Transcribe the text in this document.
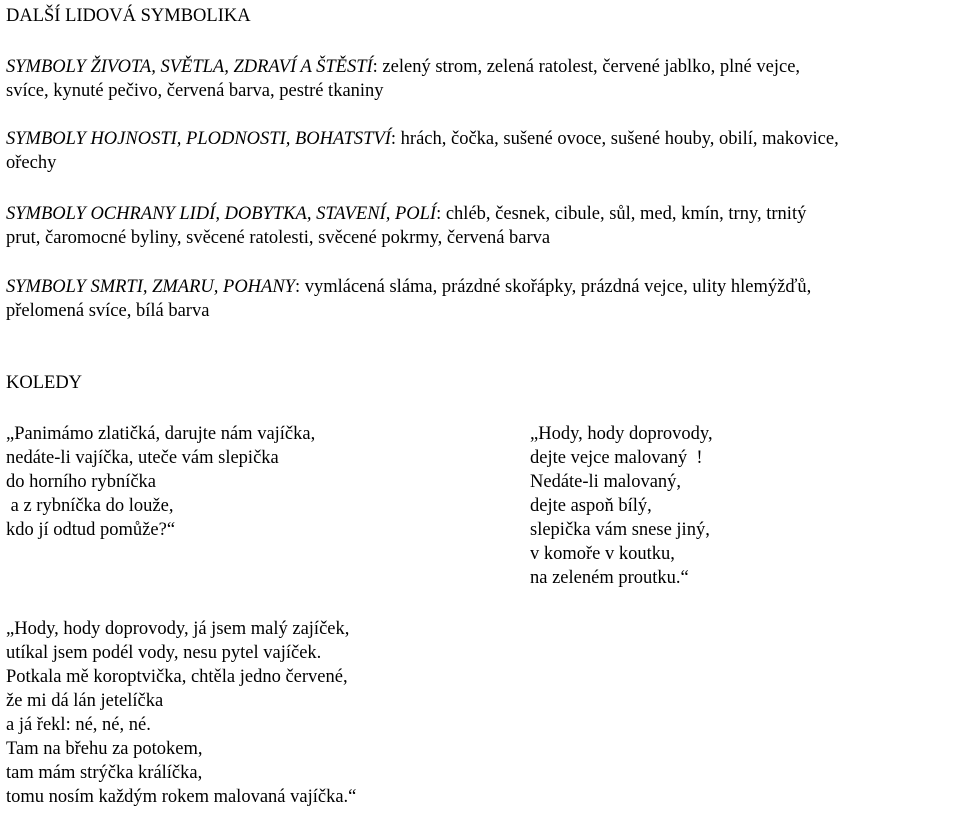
DALŠÍ LIDOVÁ SYMBOLIKA
SYMBOLY ŽIVOTA, SVĚTLA, ZDRAVÍ A ŠTĚSTÍ: zelený strom, zelená ratolest, červené jablko, plné vejce,
svíce, kynuté pečivo, červená barva, pestré tkaniny
SYMBOLY HOJNOSTI, PLODNOSTI, BOHATSTVÍ: hrách, čočka, sušené ovoce, sušené houby, obilí, makovice,
ořechy
SYMBOLY OCHRANY LIDÍ, DOBYTKA, STAVENÍ, POLÍ: chléb, česnek, cibule, sůl, med, kmín, trny, trnitý
prut, čaromocné byliny, svěcené ratolesti, svěcené pokrmy, červená barva
SYMBOLY SMRTI, ZMARU, POHANY: vymlácená sláma, prázdné skořápky, prázdná vejce, ulity hlemýžďů,
přelomená svíce, bílá barva
KOLEDY
„Panimámo zlatičká, darujte nám vajíčka,
nedáte-li vajíčka, uteče vám slepička
do horního rybníčka
a z rybníčka do louže,
kdo jí odtud pomůže?“
„Hody, hody doprovody,
dejte vejce malovaný  !
Nedáte-li malovaný,
dejte aspoň bílý,
slepička vám snese jiný,
v komoře v koutku,
na zeleném proutku.“
„Hody, hody doprovody, já jsem malý zajíček,
utíkal jsem podél vody, nesu pytel vajíček.
Potkala mě koroptvička, chtěla jedno červené,
že mi dá lán jetelíčka
a já řekl: né, né, né.
Tam na břehu za potokem,
tam mám strýčka králíčka,
tomu nosím každým rokem malovaná vajíčka.“
